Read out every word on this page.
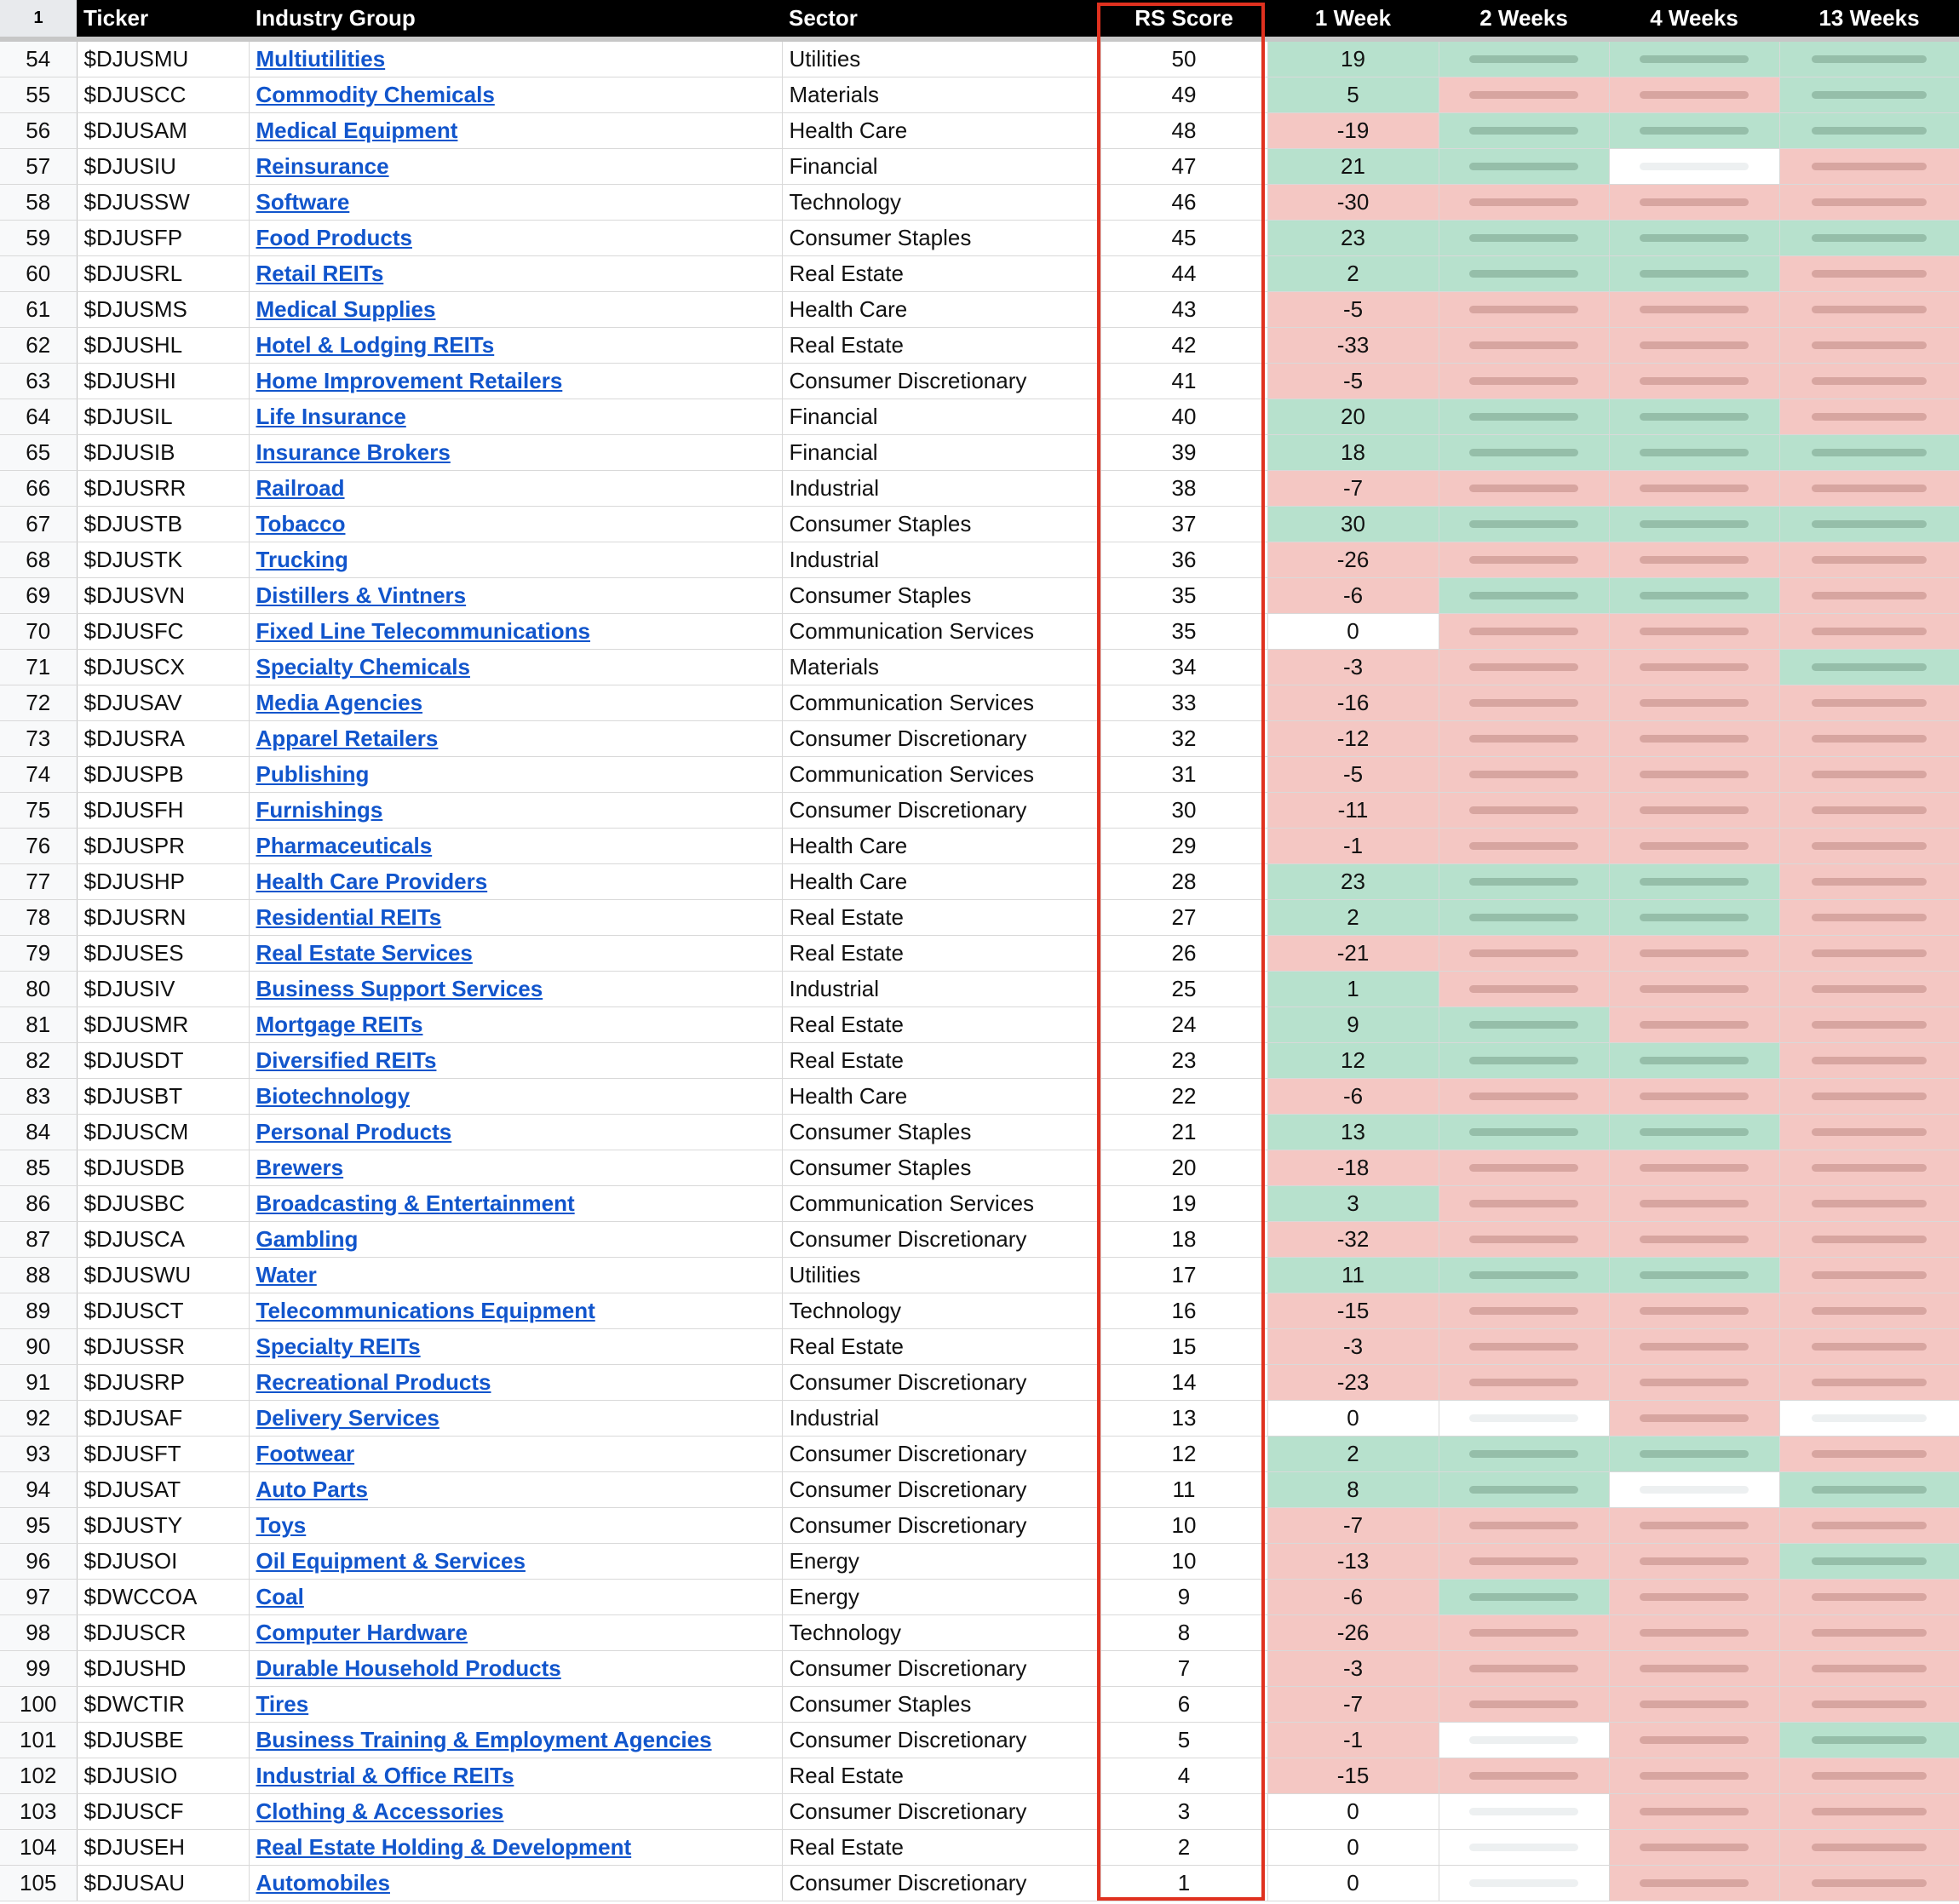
1	Ticker	Industry Group	Sector	RS Score	1 Week	2 Weeks	4 Weeks	13 Weeks

54	$DJUSMU	Multiutilities	Utilities	50	19	

55	$DJUSCC	Commodity Chemicals	Materials	49	5	

56	$DJUSAM	Medical Equipment	Health Care	48	-19	

57	$DJUSIU	Reinsurance	Financial	47	21	

58	$DJUSSW	Software	Technology	46	-30	

59	$DJUSFP	Food Products	Consumer Staples	45	23	

60	$DJUSRL	Retail REITs	Real Estate	44	2	

61	$DJUSMS	Medical Supplies	Health Care	43	-5	

62	$DJUSHL	Hotel & Lodging REITs	Real Estate	42	-33	

63	$DJUSHI	Home Improvement Retailers	Consumer Discretionary	41	-5	

64	$DJUSIL	Life Insurance	Financial	40	20	

65	$DJUSIB	Insurance Brokers	Financial	39	18	

66	$DJUSRR	Railroad	Industrial	38	-7	

67	$DJUSTB	Tobacco	Consumer Staples	37	30	

68	$DJUSTK	Trucking	Industrial	36	-26	

69	$DJUSVN	Distillers & Vintners	Consumer Staples	35	-6	

70	$DJUSFC	Fixed Line Telecommunications	Communication Services	35	0	

71	$DJUSCX	Specialty Chemicals	Materials	34	-3	

72	$DJUSAV	Media Agencies	Communication Services	33	-16	

73	$DJUSRA	Apparel Retailers	Consumer Discretionary	32	-12	

74	$DJUSPB	Publishing	Communication Services	31	-5	

75	$DJUSFH	Furnishings	Consumer Discretionary	30	-11	

76	$DJUSPR	Pharmaceuticals	Health Care	29	-1	

77	$DJUSHP	Health Care Providers	Health Care	28	23	

78	$DJUSRN	Residential REITs	Real Estate	27	2	

79	$DJUSES	Real Estate Services	Real Estate	26	-21	

80	$DJUSIV	Business Support Services	Industrial	25	1	

81	$DJUSMR	Mortgage REITs	Real Estate	24	9	

82	$DJUSDT	Diversified REITs	Real Estate	23	12	

83	$DJUSBT	Biotechnology	Health Care	22	-6	

84	$DJUSCM	Personal Products	Consumer Staples	21	13	

85	$DJUSDB	Brewers	Consumer Staples	20	-18	

86	$DJUSBC	Broadcasting & Entertainment	Communication Services	19	3	

87	$DJUSCA	Gambling	Consumer Discretionary	18	-32	

88	$DJUSWU	Water	Utilities	17	11	

89	$DJUSCT	Telecommunications Equipment	Technology	16	-15	

90	$DJUSSR	Specialty REITs	Real Estate	15	-3	

91	$DJUSRP	Recreational Products	Consumer Discretionary	14	-23	

92	$DJUSAF	Delivery Services	Industrial	13	0	

93	$DJUSFT	Footwear	Consumer Discretionary	12	2	

94	$DJUSAT	Auto Parts	Consumer Discretionary	11	8	

95	$DJUSTY	Toys	Consumer Discretionary	10	-7	

96	$DJUSOI	Oil Equipment & Services	Energy	10	-13	

97	$DWCCOA	Coal	Energy	9	-6	

98	$DJUSCR	Computer Hardware	Technology	8	-26	

99	$DJUSHD	Durable Household Products	Consumer Discretionary	7	-3	

100	$DWCTIR	Tires	Consumer Staples	6	-7	

101	$DJUSBE	Business Training & Employment Agencies	Consumer Discretionary	5	-1	

102	$DJUSIO	Industrial & Office REITs	Real Estate	4	-15	

103	$DJUSCF	Clothing & Accessories	Consumer Discretionary	3	0	

104	$DJUSEH	Real Estate Holding & Development	Real Estate	2	0	

105	$DJUSAU	Automobiles	Consumer Discretionary	1	0	
